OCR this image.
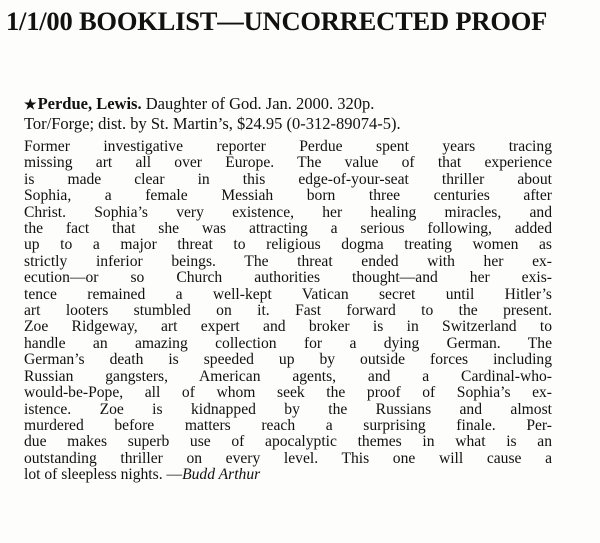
1/1/00 BOOKLIST—UNCORRECTED PROOF
★Perdue, Lewis. Daughter of God. Jan. 2000. 320p.
Tor/Forge; dist. by St. Martin’s, $24.95 (0-312-89074-5).
Former investigative reporter Perdue spent years tracing
missing art all over Europe. The value of that experience
is made clear in this edge-of-your-seat thriller about
Sophia, a female Messiah born three centuries after
Christ. Sophia’s very existence, her healing miracles, and
the fact that she was attracting a serious following, added
up to a major threat to religious dogma treating women as
strictly inferior beings. The threat ended with her ex-
ecution—or so Church authorities thought—and her exis-
tence remained a well-kept Vatican secret until Hitler’s
art looters stumbled on it. Fast forward to the present.
Zoe Ridgeway, art expert and broker is in Switzerland to
handle an amazing collection for a dying German. The
German’s death is speeded up by outside forces including
Russian gangsters, American agents, and a Cardinal-who-
would-be-Pope, all of whom seek the proof of Sophia’s ex-
istence. Zoe is kidnapped by the Russians and almost
murdered before matters reach a surprising finale. Per-
due makes superb use of apocalyptic themes in what is an
outstanding thriller on every level. This one will cause a
lot of sleepless nights. —Budd Arthur
